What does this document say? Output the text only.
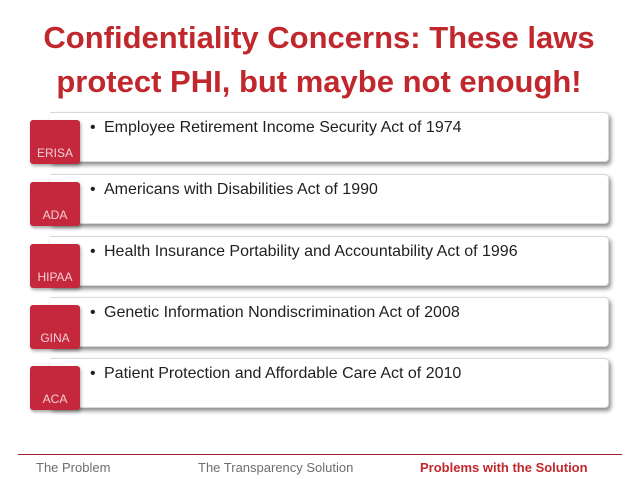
Confidentiality Concerns: These laws
protect PHI, but maybe not enough!
• Employee Retirement Income Security Act of 1974
ERISA
• Americans with Disabilities Act of 1990
ADA
• Health Insurance Portability and Accountability Act of 1996
HIPAA
• Genetic Information Nondiscrimination Act of 2008
GINA
• Patient Protection and Affordable Care Act of 2010
ACA
The Problem	The Transparency Solution	Problems with the Solution
